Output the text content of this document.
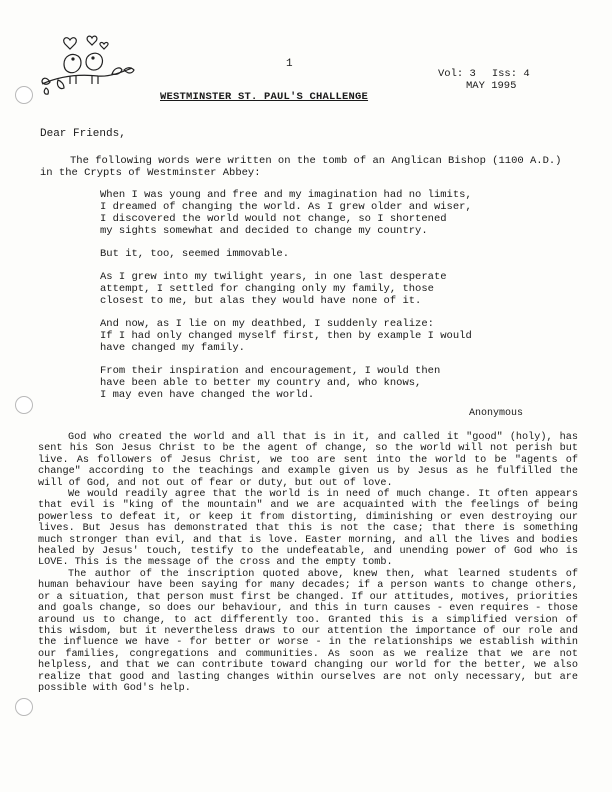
1
Vol: 3 Iss: 4
MAY 1995
WESTMINSTER ST. PAUL'S CHALLENGE
Dear Friends,
The following words were written on the tomb of an Anglican Bishop (1100 A.D.) in the Crypts of Westminster Abbey:

When I was young and free and my imagination had no limits,
I dreamed of changing the world. As I grew older and wiser,
I discovered the world would not change, so I shortened
my sights somewhat and decided to change my country.

But it, too, seemed immovable.

As I grew into my twilight years, in one last desperate
attempt, I settled for changing only my family, those
closest to me, but alas they would have none of it.

And now, as I lie on my deathbed, I suddenly realize:
If I had only changed myself first, then by example I would
have changed my family.

From their inspiration and encouragement, I would then
have been able to better my country and, who knows,
I may even have changed the world.

Anonymous

God who created the world and all that is in it, and called it "good" (holy), has sent his Son Jesus Christ to be the agent of change, so the world will not perish but live. As followers of Jesus Christ, we too are sent into the world to be "agents of change" according to the teachings and example given us by Jesus as he fulfilled the will of God, and not out of fear or duty, but out of love.

We would readily agree that the world is in need of much change. It often appears that evil is "king of the mountain" and we are acquainted with the feelings of being powerless to defeat it, or keep it from distorting, diminishing or even destroying our lives. But Jesus has demonstrated that this is not the case; that there is something much stronger than evil, and that is love. Easter morning, and all the lives and bodies healed by Jesus' touch, testify to the undefeatable, and unending power of God who is LOVE. This is the message of the cross and the empty tomb.

The author of the inscription quoted above, knew then, what learned students of human behaviour have been saying for many decades; if a person wants to change others, or a situation, that person must first be changed. If our attitudes, motives, priorities and goals change, so does our behaviour, and this in turn causes - even requires - those around us to change, to act differently too. Granted this is a simplified version of this wisdom, but it nevertheless draws to our attention the importance of our role and the influence we have - for better or worse - in the relationships we establish within our families, congregations and communities. As soon as we realize that we are not helpless, and that we can contribute toward changing our world for the better, we also realize that good and lasting changes within ourselves are not only necessary, but are possible with God's help.
